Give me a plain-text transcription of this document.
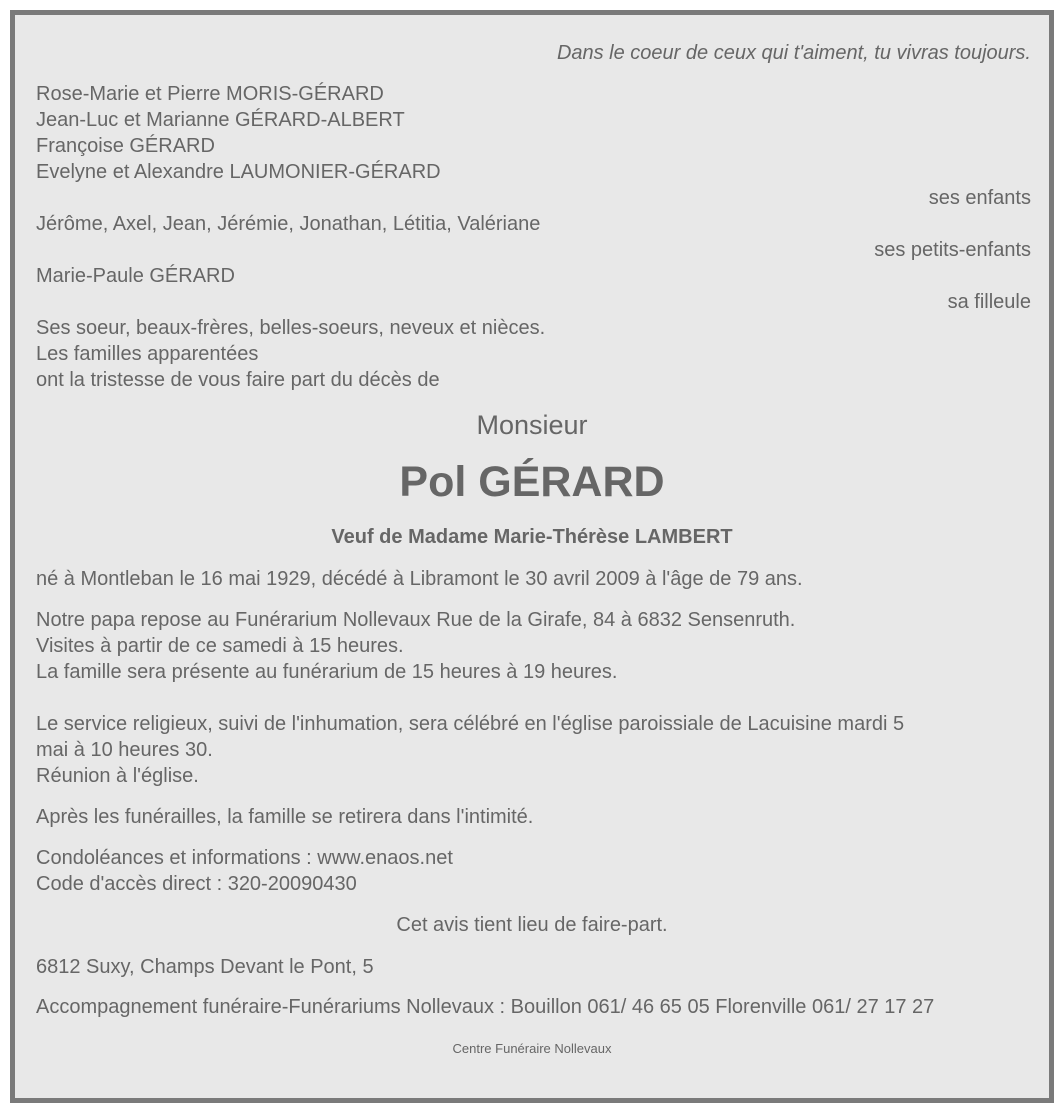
Dans le coeur de ceux qui t'aiment, tu vivras toujours.
Rose-Marie et Pierre MORIS-GÉRARD
Jean-Luc et Marianne GÉRARD-ALBERT
Françoise GÉRARD
Evelyne et Alexandre LAUMONIER-GÉRARD
ses enfants
Jérôme, Axel, Jean, Jérémie, Jonathan, Létitia, Valériane
ses petits-enfants
Marie-Paule GÉRARD
sa filleule
Ses soeur, beaux-frères, belles-soeurs, neveux et nièces.
Les familles apparentées
ont la tristesse de vous faire part du décès de
Monsieur
Pol GÉRARD
Veuf de Madame Marie-Thérèse LAMBERT
né à Montleban le 16 mai 1929, décédé à Libramont le 30 avril 2009 à l'âge de 79 ans.
Notre papa repose au Funérarium Nollevaux Rue de la Girafe, 84 à 6832 Sensenruth.
Visites à partir de ce samedi à 15 heures.
La famille sera présente au funérarium de 15 heures à 19 heures.
Le service religieux, suivi de l'inhumation, sera célébré en l'église paroissiale de Lacuisine mardi 5
mai à 10 heures 30.
Réunion à l'église.
Après les funérailles, la famille se retirera dans l'intimité.
Condoléances et informations : www.enaos.net
Code d'accès direct : 320-20090430
Cet avis tient lieu de faire-part.
6812 Suxy, Champs Devant le Pont, 5
Accompagnement funéraire-Funérariums Nollevaux : Bouillon 061/ 46 65 05 Florenville 061/ 27 17 27
Centre Funéraire Nollevaux
